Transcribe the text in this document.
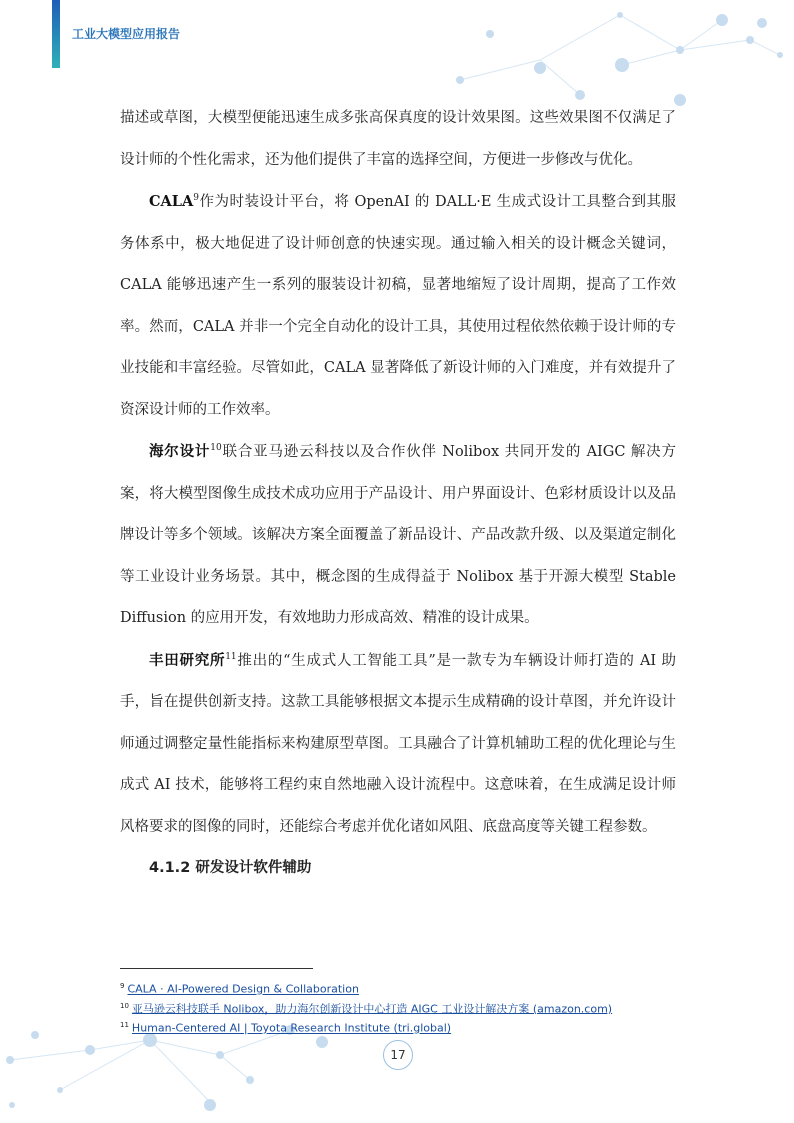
工业大模型应用报告

描述或草图，大模型便能迅速生成多张高保真度的设计效果图。这些效果图不仅满足了设计师的个性化需求，还为他们提供了丰富的选择空间，方便进一步修改与优化。

CALA$^9$作为时装设计平台，将 OpenAI 的 DALL·E 生成式设计工具整合到其服务体系中，极大地促进了设计师创意的快速实现。通过输入相关的设计概念关键词，CALA 能够迅速产生一系列的服装设计初稿，显著地缩短了设计周期，提高了工作效率。然而，CALA 并非一个完全自动化的设计工具，其使用过程依然依赖于设计师的专业技能和丰富经验。尽管如此，CALA 显著降低了新设计师的入门难度，并有效提升了资深设计师的工作效率。

海尔设计$^{10}$联合亚马逊云科技以及合作伙伴 Nolibox 共同开发的 AIGC 解决方案，将大模型图像生成技术成功应用于产品设计、用户界面设计、色彩材质设计以及品牌设计等多个领域。该解决方案全面覆盖了新品设计、产品改款升级、以及渠道定制化等工业设计业务场景。其中，概念图的生成得益于 Nolibox 基于开源大模型 Stable Diffusion 的应用开发，有效地助力形成高效、精准的设计成果。

丰田研究所$^{11}$推出的“生成式人工智能工具”是一款专为车辆设计师打造的 AI 助手，旨在提供创新支持。这款工具能够根据文本提示生成精确的设计草图，并允许设计师通过调整定量性能指标来构建原型草图。工具融合了计算机辅助工程的优化理论与生成式 AI 技术，能够将工程约束自然地融入设计流程中。这意味着，在生成满足设计师风格要求的图像的同时，还能综合考虑并优化诸如风阻、底盘高度等关键工程参数。

4.1.2 研发设计软件辅助

$^9$ CALA · AI-Powered Design & Collaboration
$^{10}$ 亚马逊云科技联手 Nolibox，助力海尔创新设计中心打造 AIGC 工业设计解决方案 (amazon.com)
$^{11}$ Human-Centered AI | Toyota Research Institute (tri.global)
17
